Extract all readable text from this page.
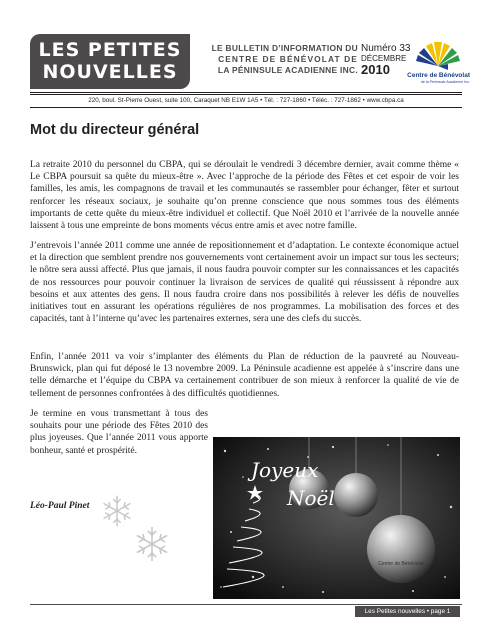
LES PETITES
NOUVELLES
LE BULLETIN D’INFORMATION DU
CENTRE DE BÉNÉVOLAT DE
LA PÉNINSULE ACADIENNE INC.
Numéro 33
DÉCEMBRE
2010	Centre de Bénévolat
de la Péninsule Acadienne Inc.
220, boul. St-Pierre Ouest, suite 100, Caraquet NB E1W 1A5 • Tél. : 727-1860 • Téléc. : 727-1862 • www.cbpa.ca
Mot du directeur général

La retraite 2010 du personnel du CBPA, qui se déroulait le vendredi 3 décembre dernier, avait comme thème « Le CBPA poursuit sa quête du mieux-être ». Avec l’approche de la période des Fêtes et cet espoir de voir les familles, les amis, les compagnons de travail et les communautés se rassembler pour échanger, fêter et surtout renforcer les réseaux sociaux, je souhaite qu’on prenne conscience que nous sommes tous des éléments importants de cette quête du mieux-être individuel et collectif. Que Noël 2010 et l’arrivée de la nouvelle année laissent à tous une empreinte de bons moments vécus entre amis et avec notre famille.

J’entrevois l’année 2011 comme une année de repositionnement et d’adaptation. Le contexte économique actuel et la direction que semblent prendre nos gouvernements vont certainement avoir un impact sur tous les secteurs; le nôtre sera aussi affecté. Plus que jamais, il nous faudra pouvoir compter sur les connaissances et les capacités de nos ressources pour pouvoir continuer la livraison de services de qualité qui réussissent à répondre aux besoins et aux attentes des gens. Il nous faudra croire dans nos possibilités à relever les défis de nouvelles initiatives tout en assurant les opérations régulières de nos programmes. La mobilisation des forces et des capacités, tant à l’interne qu’avec les partenaires externes, sera une des clefs du succès.

Enfin, l’année 2011 va voir s’implanter des éléments du Plan de réduction de la pauvreté au Nouveau-Brunswick, plan qui fut déposé le 13 novembre 2009. La Péninsule acadienne est appelée à s’inscrire dans une telle démarche et l’équipe du CBPA va certainement contribuer de son mieux à renforcer la qualité de vie de tellement de personnes confrontées à des difficultés quotidiennes.

Je termine en vous transmettant à tous des souhaits pour une période des Fêtes 2010 des plus joyeuses. Que l’année 2011 vous apporte bonheur, santé et prospérité.

Léo-Paul Pinet
Centre de Bénévolat
Joyeux
Noël
Les Petites nouvelles • page 1
